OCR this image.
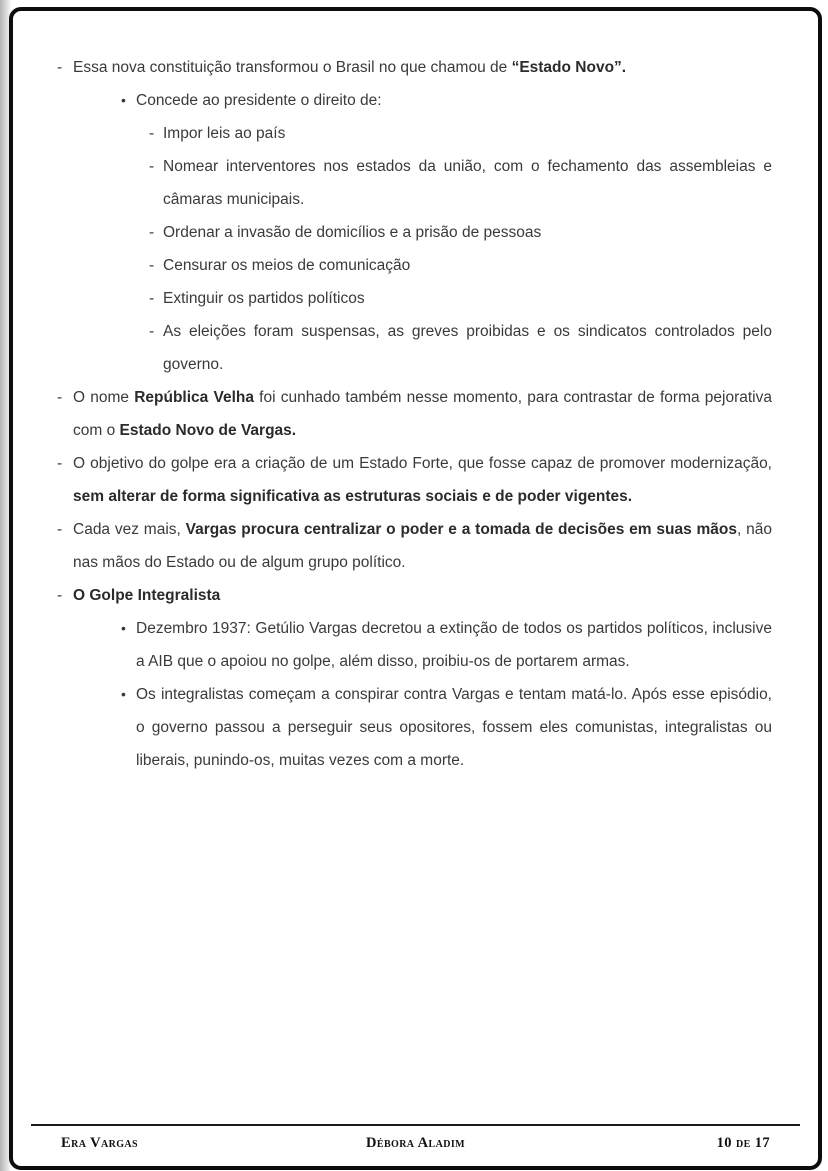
- Essa nova constituição transformou o Brasil no que chamou de “Estado Novo”.
• Concede ao presidente o direito de:
- Impor leis ao país
- Nomear interventores nos estados da união, com o fechamento das assembleias e câmaras municipais.
- Ordenar a invasão de domicílios e a prisão de pessoas
- Censurar os meios de comunicação
- Extinguir os partidos políticos
- As eleições foram suspensas, as greves proibidas e os sindicatos controlados pelo governo.
- O nome República Velha foi cunhado também nesse momento, para contrastar de forma pejorativa com o Estado Novo de Vargas.
- O objetivo do golpe era a criação de um Estado Forte, que fosse capaz de promover modernização, sem alterar de forma significativa as estruturas sociais e de poder vigentes.
- Cada vez mais, Vargas procura centralizar o poder e a tomada de decisões em suas mãos, não nas mãos do Estado ou de algum grupo político.
- O Golpe Integralista
• Dezembro 1937: Getúlio Vargas decretou a extinção de todos os partidos políticos, inclusive a AIB que o apoiou no golpe, além disso, proibiu-os de portarem armas.
• Os integralistas começam a conspirar contra Vargas e tentam matá-lo. Após esse episódio, o governo passou a perseguir seus opositores, fossem eles comunistas, integralistas ou liberais, punindo-os, muitas vezes com a morte.
Era Vargas	Débora Aladim	10 de 17
